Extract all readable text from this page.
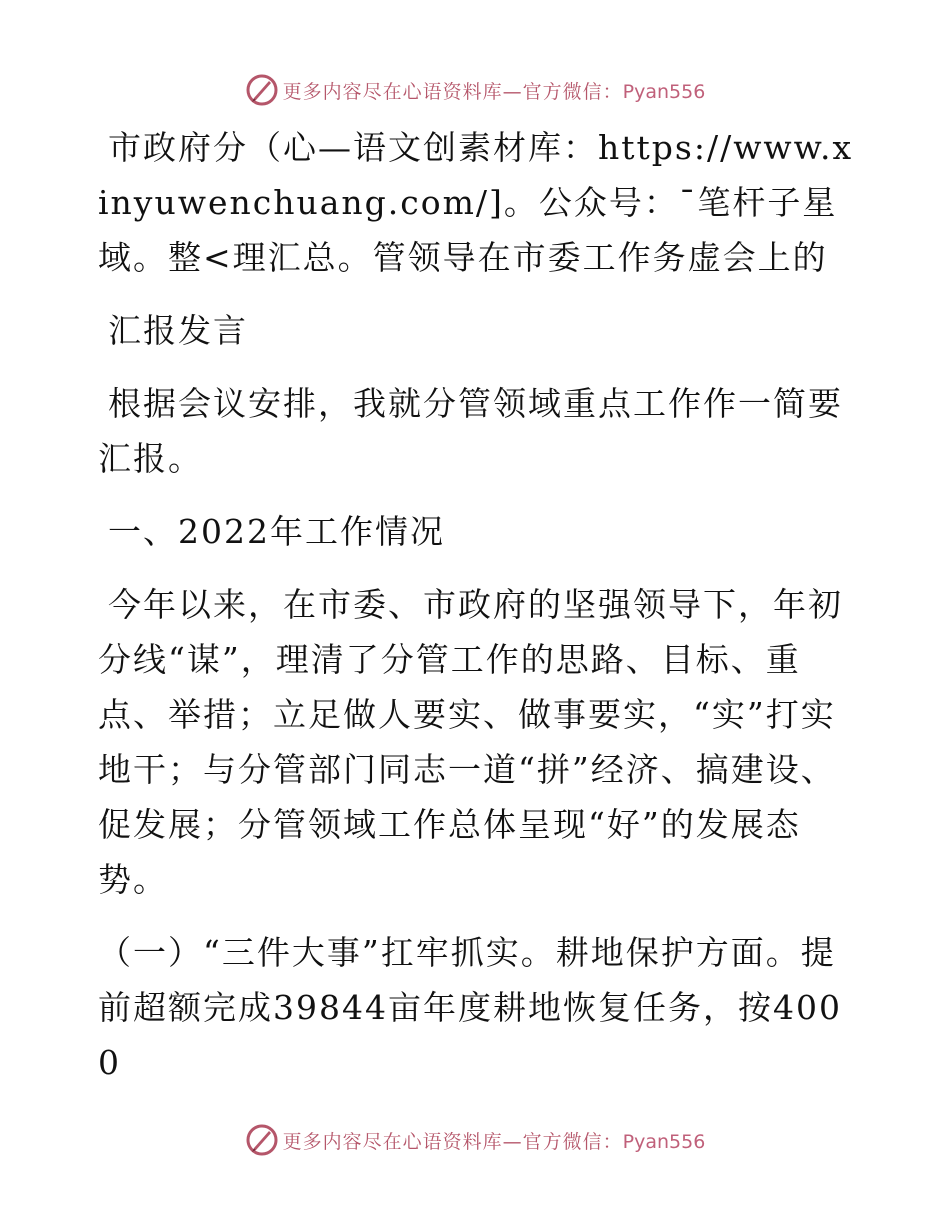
更多内容尽在心语资料库—官方微信：Pyan556

市政府分（心—语文创素材库：https://www.xinyuwenchuang.com/]。公众号：¯笔杆子星域。整<理汇总。管领导在市委工作务虚会上的

汇报发言

根据会议安排，我就分管领域重点工作作一简要汇报。

一、2022年工作情况

今年以来，在市委、市政府的坚强领导下，年初分线“谋”，理清了分管工作的思路、目标、重点、举措；立足做人要实、做事要实，“实”打实地干；与分管部门同志一道“拼”经济、搞建设、促发展；分管领域工作总体呈现“好”的发展态势。

（一）“三件大事”扛牢抓实。耕地保护方面。提前超额完成39844亩年度耕地恢复任务，按4000

更多内容尽在心语资料库—官方微信：Pyan556
